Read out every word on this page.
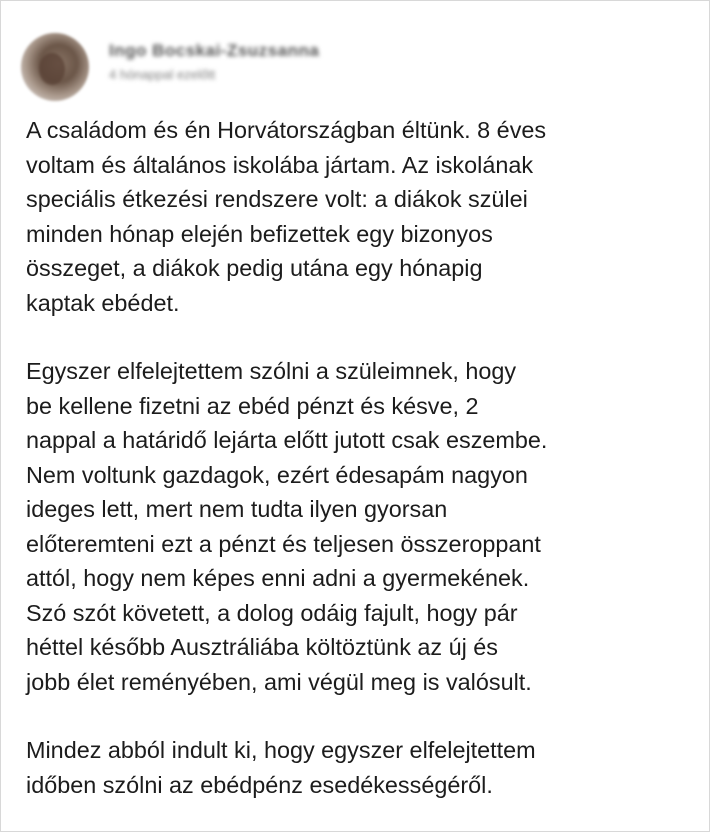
Ingo Bocskai-Zsuzsanna
4 hónappal ezelőtt

A családom és én Horvátországban éltünk. 8 éves
voltam és általános iskolába jártam. Az iskolának
speciális étkezési rendszere volt: a diákok szülei
minden hónap elején befizettek egy bizonyos
összeget, a diákok pedig utána egy hónapig
kaptak ebédet.

Egyszer elfelejtettem szólni a szüleimnek, hogy
be kellene fizetni az ebéd pénzt és késve, 2
nappal a határidő lejárta előtt jutott csak eszembe.
Nem voltunk gazdagok, ezért édesapám nagyon
ideges lett, mert nem tudta ilyen gyorsan
előteremteni ezt a pénzt és teljesen összeroppant
attól, hogy nem képes enni adni a gyermekének.
Szó szót követett, a dolog odáig fajult, hogy pár
héttel később Ausztráliába költöztünk az új és
jobb élet reményében, ami végül meg is valósult.

Mindez abból indult ki, hogy egyszer elfelejtettem
időben szólni az ebédpénz esedékességéről.
